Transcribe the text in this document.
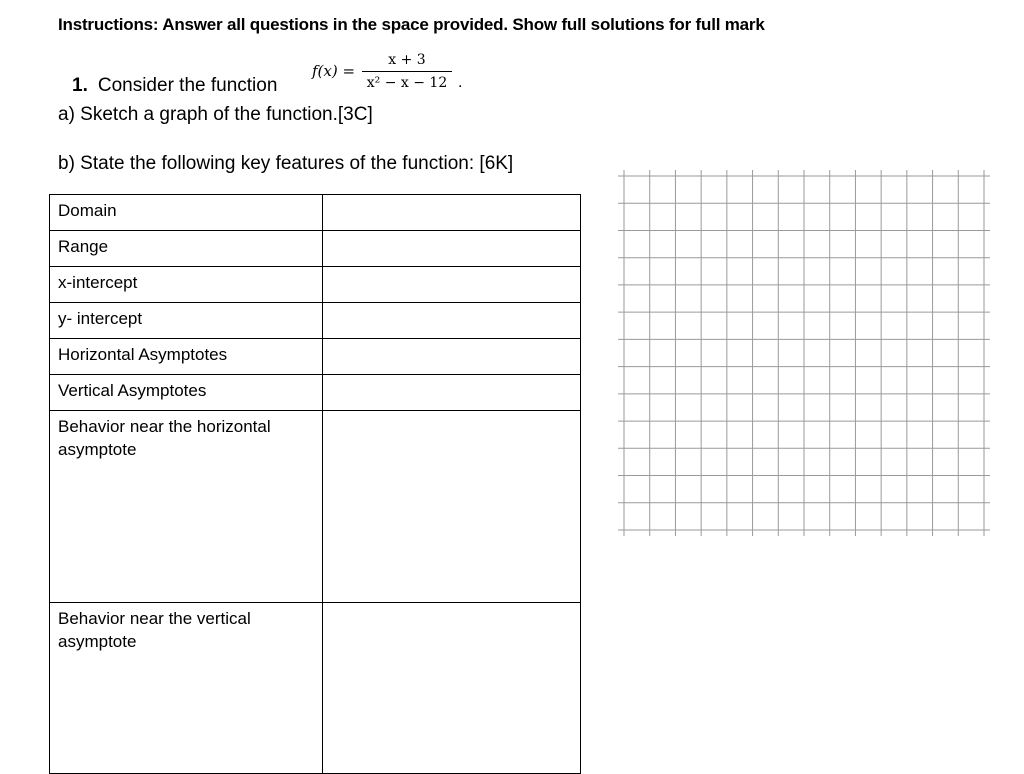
Instructions: Answer all questions in the space provided. Show full solutions for full mark
1. Consider the function
$f(x) = \frac{x + 3}{\text{x² − x − 12}}$ .
a) Sketch a graph of the function.[3C]
b) State the following key features of the function: [6K]
Domain	
Range	
x-intercept	
y- intercept	
Horizontal Asymptotes	
Vertical Asymptotes	
Behavior near the horizontal asymptote	
Behavior near the vertical asymptote	
